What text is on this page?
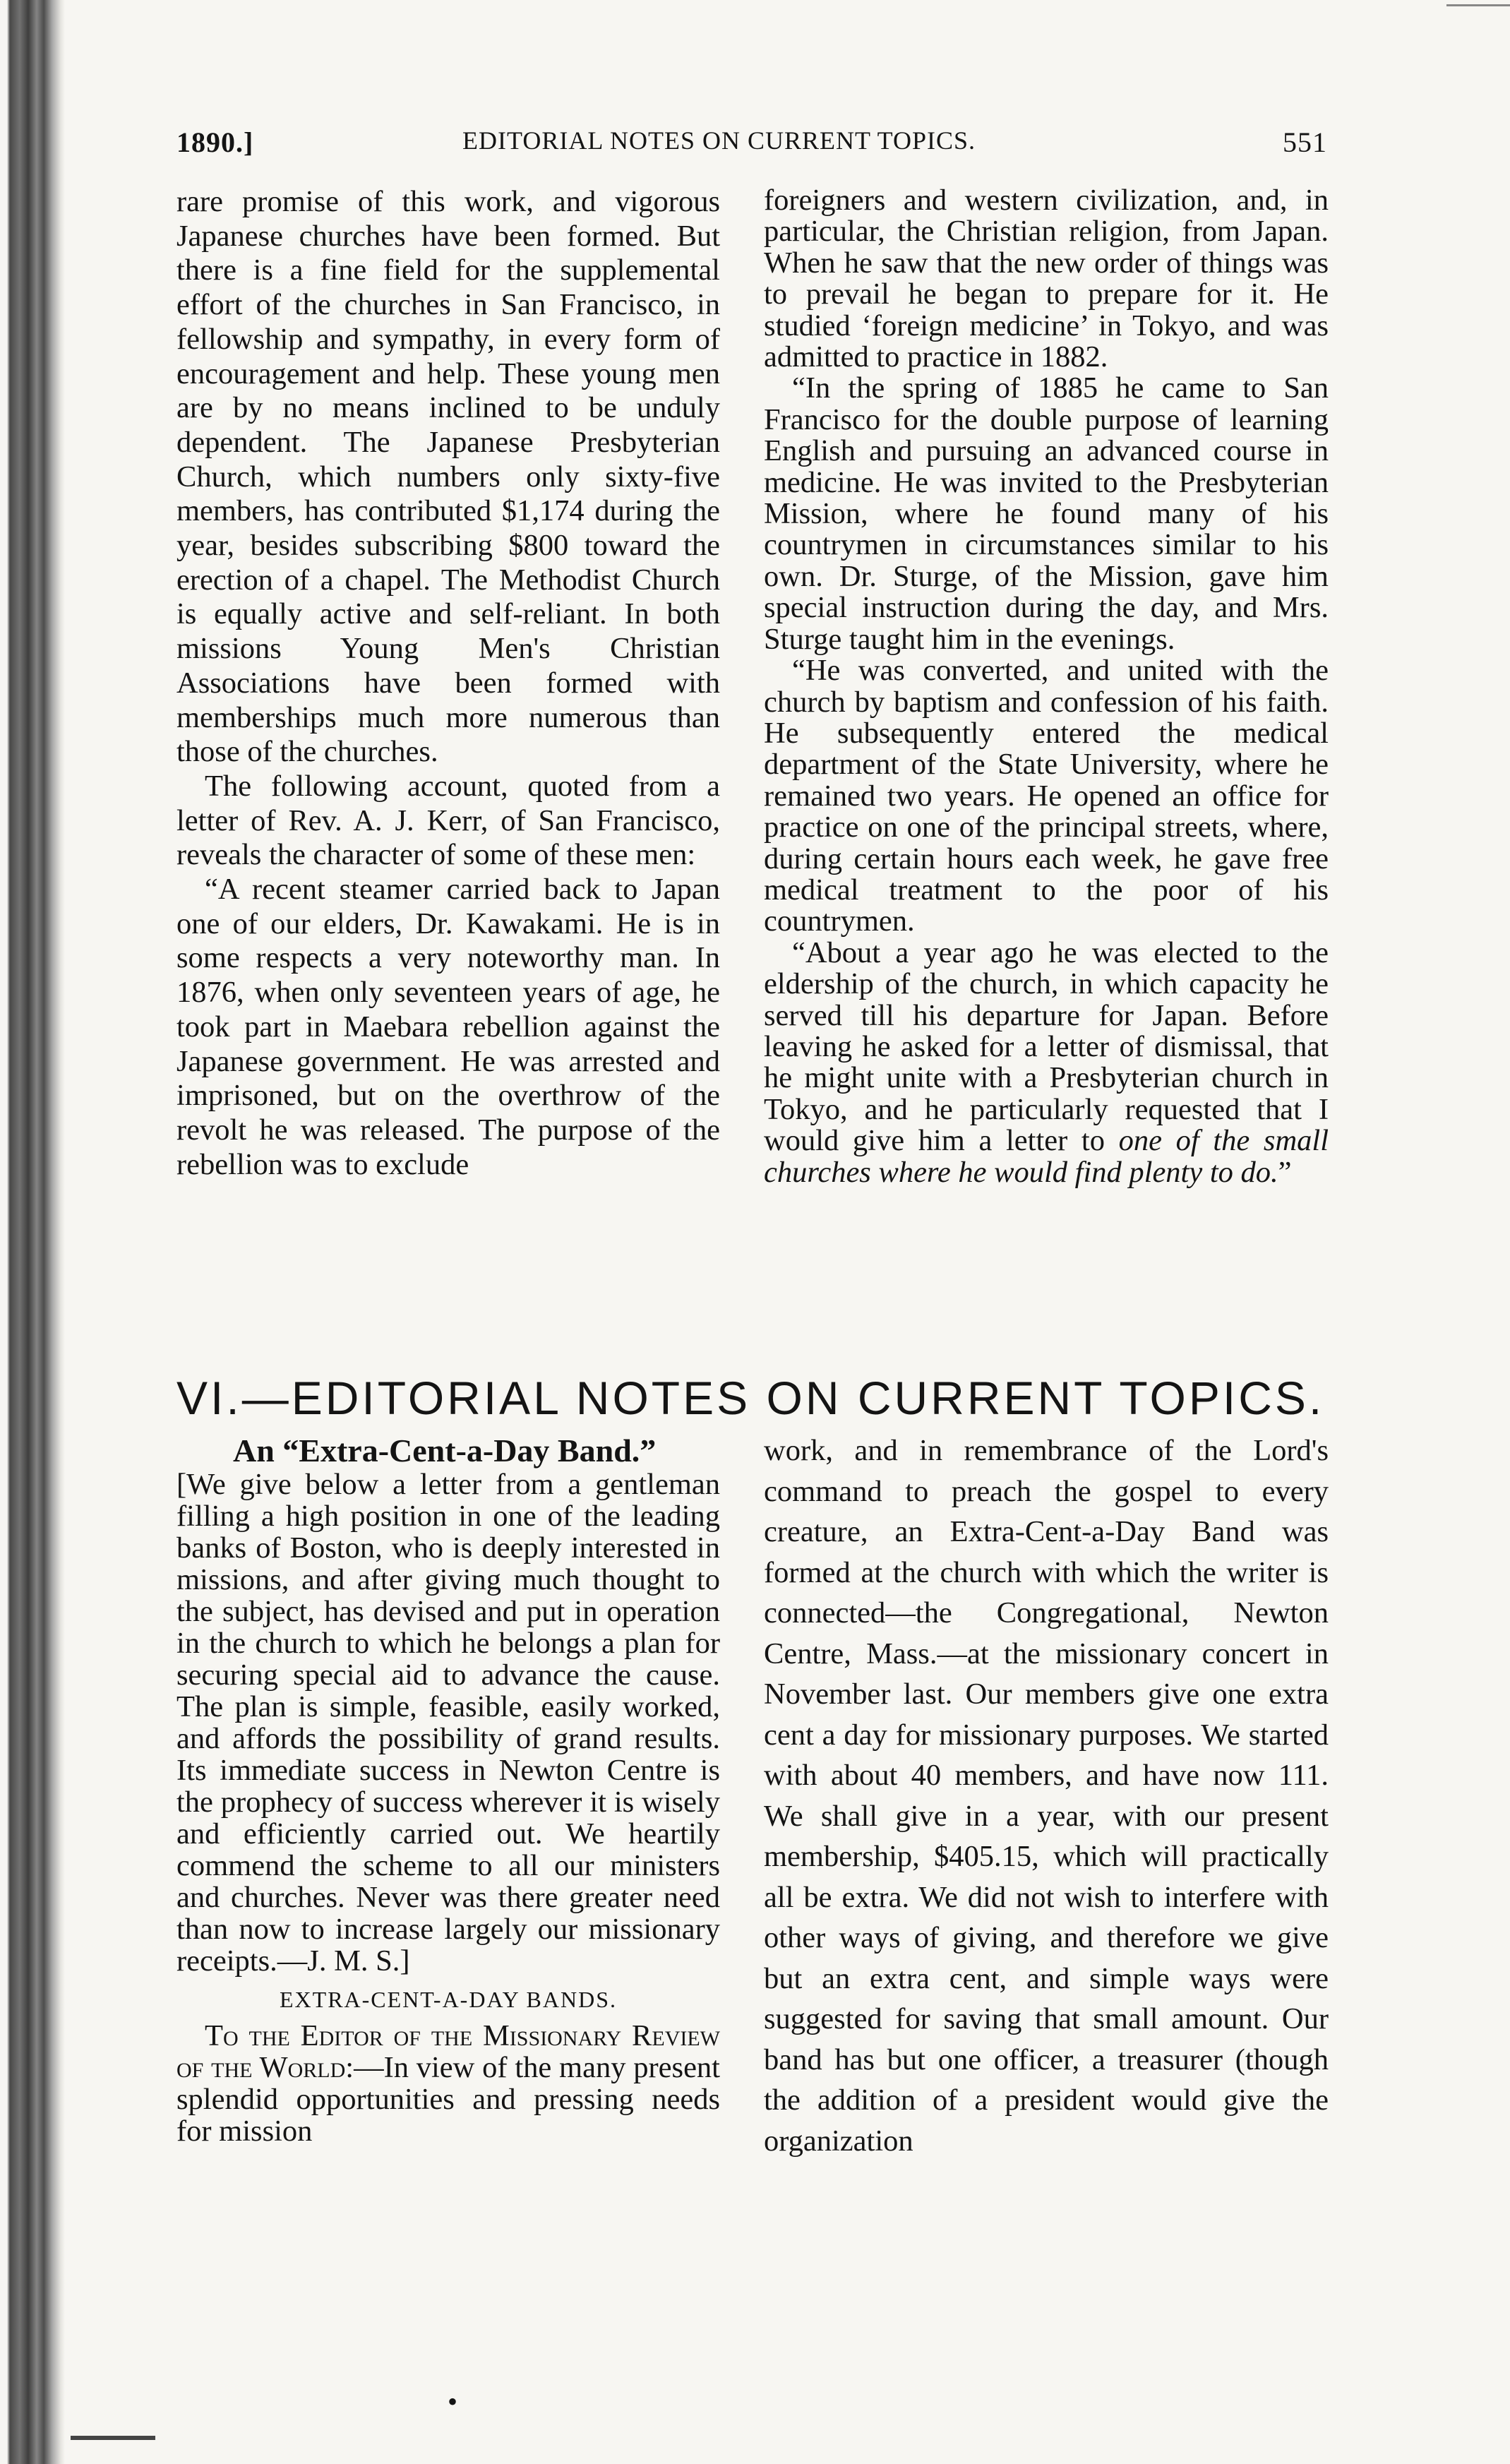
1890.]	EDITORIAL NOTES ON CURRENT TOPICS.	551

rare promise of this work, and vigorous Japanese churches have been formed. But there is a fine field for the supplemental effort of the churches in San Francisco, in fellowship and sympathy, in every form of encouragement and help. These young men are by no means inclined to be unduly dependent. The Japanese Presbyterian Church, which numbers only sixty-five members, has contributed $1,174 during the year, besides subscribing $800 toward the erection of a chapel. The Methodist Church is equally active and self-reliant. In both missions Young Men's Christian Associations have been formed with memberships much more numerous than those of the churches.

The following account, quoted from a letter of Rev. A. J. Kerr, of San Francisco, reveals the character of some of these men:

“A recent steamer carried back to Japan one of our elders, Dr. Kawakami. He is in some respects a very noteworthy man. In 1876, when only seventeen years of age, he took part in Maebara rebellion against the Japanese government. He was arrested and imprisoned, but on the overthrow of the revolt he was released. The purpose of the rebellion was to exclude

foreigners and western civilization, and, in particular, the Christian religion, from Japan. When he saw that the new order of things was to prevail he began to prepare for it. He studied ‘foreign medicine’ in Tokyo, and was admitted to practice in 1882.

“In the spring of 1885 he came to San Francisco for the double purpose of learning English and pursuing an advanced course in medicine. He was invited to the Presbyterian Mission, where he found many of his countrymen in circumstances similar to his own. Dr. Sturge, of the Mission, gave him special instruction during the day, and Mrs. Sturge taught him in the evenings.

“He was converted, and united with the church by baptism and confession of his faith. He subsequently entered the medical department of the State University, where he remained two years. He opened an office for practice on one of the principal streets, where, during certain hours each week, he gave free medical treatment to the poor of his countrymen.

“About a year ago he was elected to the eldership of the church, in which capacity he served till his departure for Japan. Before leaving he asked for a letter of dismissal, that he might unite with a Presbyterian church in Tokyo, and he particularly requested that I would give him a letter to one of the small churches where he would find plenty to do.”

VI.—EDITORIAL NOTES ON CURRENT TOPICS.
An “Extra-Cent-a-Day Band.”

[We give below a letter from a gentleman filling a high position in one of the leading banks of Boston, who is deeply interested in missions, and after giving much thought to the subject, has devised and put in operation in the church to which he belongs a plan for securing special aid to advance the cause. The plan is simple, feasible, easily worked, and affords the possibility of grand results. Its immediate success in Newton Centre is the prophecy of success wherever it is wisely and efficiently carried out. We heartily commend the scheme to all our ministers and churches. Never was there greater need than now to increase largely our missionary receipts.—J. M. S.]

EXTRA-CENT-A-DAY BANDS.

To the Editor of the Missionary Review of the World:—In view of the many present splendid opportunities and pressing needs for mission

work, and in remembrance of the Lord's command to preach the gospel to every creature, an Extra-Cent-a-Day Band was formed at the church with which the writer is connected—the Congregational, Newton Centre, Mass.—at the missionary concert in November last. Our members give one extra cent a day for missionary purposes. We started with about 40 members, and have now 111. We shall give in a year, with our present membership, $405.15, which will practically all be extra. We did not wish to interfere with other ways of giving, and therefore we give but an extra cent, and simple ways were suggested for saving that small amount. Our band has but one officer, a treasurer (though the addition of a president would give the organization

•
